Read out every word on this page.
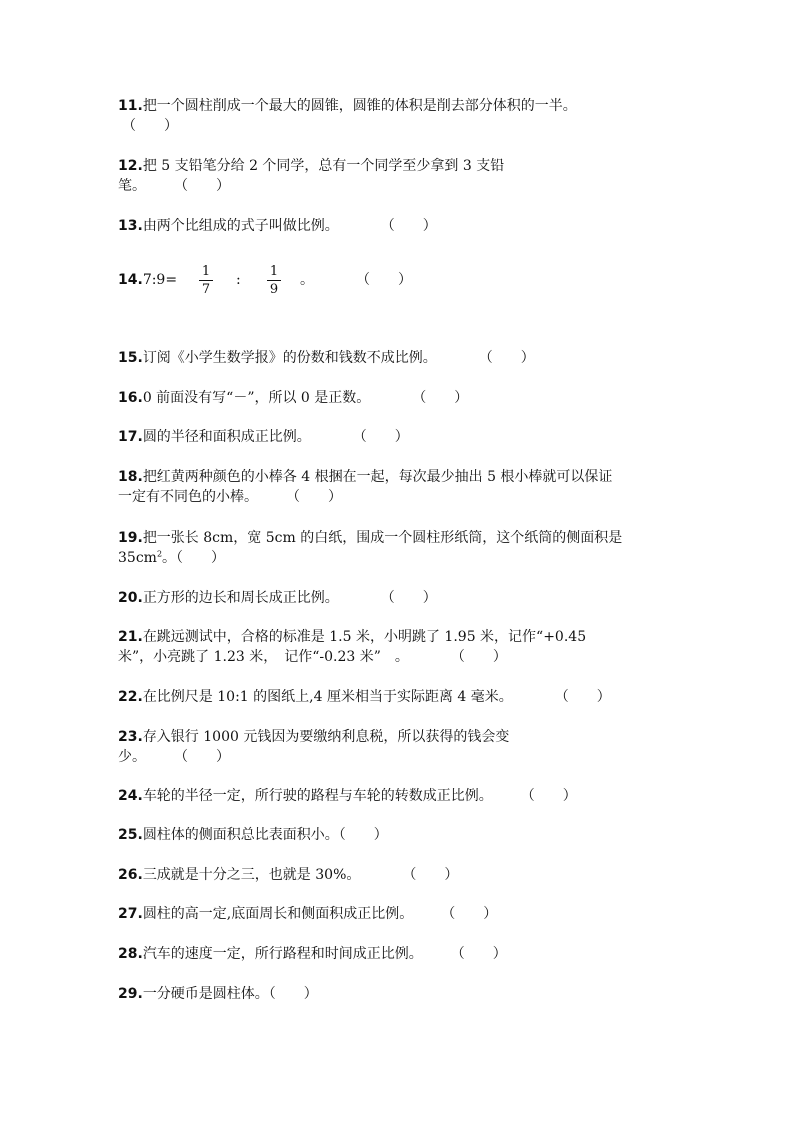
11.把一个圆柱削成一个最大的圆锥，圆锥的体积是削去部分体积的一半。
（　　）
12.把 5 支铅笔分给 2 个同学，总有一个同学至少拿到 3 支铅
笔。　　　（　　）
13.由两个比组成的式子叫做比例。　　　　（　　）
14.7:9=
1
7
:
1
9
。　　　　（　　）
15.订阅《小学生数学报》的份数和钱数不成比例。　　　　（　　）
16.0 前面没有写“－”，所以 0 是正数。　　　　（　　）
17.圆的半径和面积成正比例。　　　　（　　）
18.把红黄两种颜色的小棒各 4 根捆在一起，每次最少抽出 5 根小棒就可以保证
一定有不同色的小棒。　　　（　　）
19.把一张长 8cm，宽 5cm 的白纸，围成一个圆柱形纸筒，这个纸筒的侧面积是
$35cm^2$。（　　）
20.正方形的边长和周长成正比例。　　　　（　　）
21.在跳远测试中，合格的标准是 1.5 米，小明跳了 1.95 米，记作“+0.45
米”，小亮跳了 1.23 米，　记作“-0.23 米”　。　　　　（　　）
22.在比例尺是 10:1 的图纸上,4 厘米相当于实际距离 4 毫米。　　　　（　　）
23.存入银行 1000 元钱因为要缴纳利息税，所以获得的钱会变
少。　　　（　　）
24.车轮的半径一定，所行驶的路程与车轮的转数成正比例。　　　（　　）
25.圆柱体的侧面积总比表面积小。（　　）
26.三成就是十分之三，也就是 30%。　　　　（　　）
27.圆柱的高一定,底面周长和侧面积成正比例。　　　（　　）
28.汽车的速度一定，所行路程和时间成正比例。　　　（　　）
29.一分硬币是圆柱体。（　　）
